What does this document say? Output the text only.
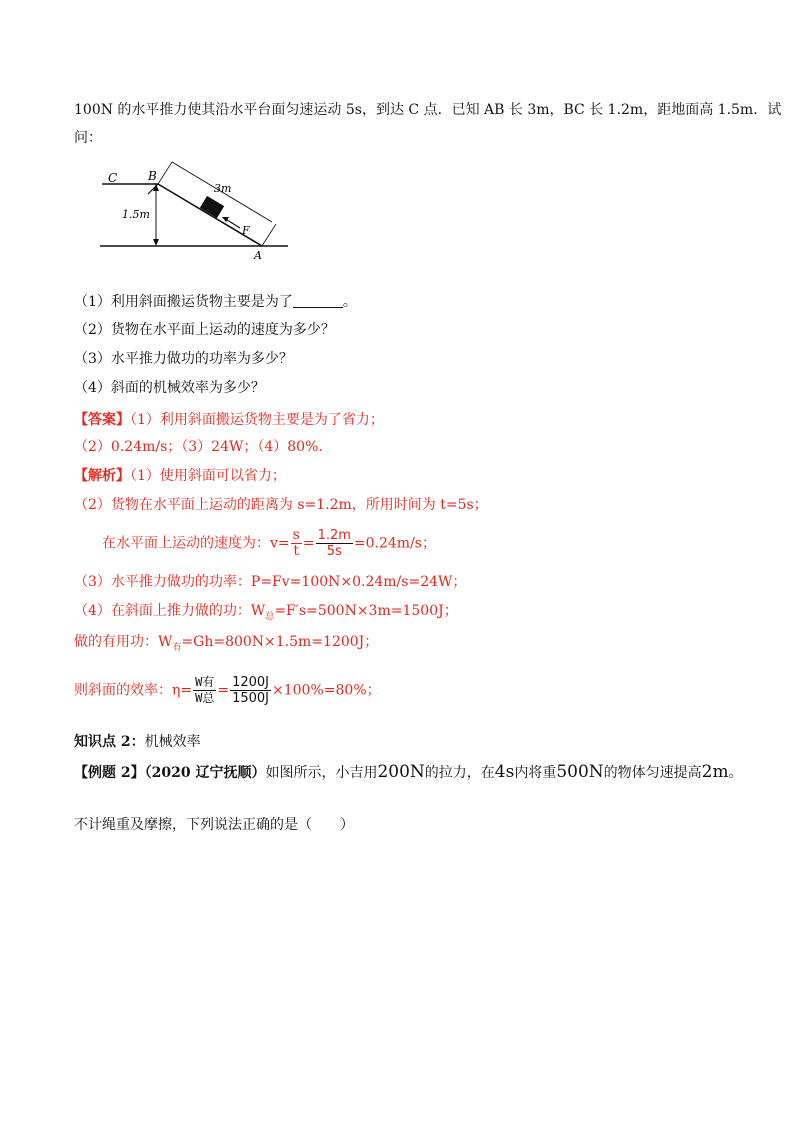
100N 的水平推力使其沿水平台面匀速运动 5s，到达 C 点．已知 AB 长 3m，BC 长 1.2m，距地面高 1.5m．试
问：
C	B
3m
1.5m
F
A
（1）利用斜面搬运货物主要是为了	。
（2）货物在水平面上运动的速度为多少？
（3）水平推力做功的功率为多少？
（4）斜面的机械效率为多少？
【答案】（1）利用斜面搬运货物主要是为了省力；
（2）0.24m/s；（3）24W；（4）80%.
【解析】（1）使用斜面可以省力；
（2）货物在水平面上运动的距离为 s=1.2m，所用时间为 t=5s；
在水平面上运动的速度为：$v= \frac{s}{t} = \frac{1.2m}{5s} =0.24m/s$；
（3）水平推力做功的功率：P=Fv=100N×0.24m/s=24W；
（4）在斜面上推力做的功：$W_总=F's=500N\times 3m=1500J$；
做的有用功：$W_有=Gh=800N\times 1.5m=1200J$；
则斜面的效率：$\eta= \frac{\text{W有}}{\text{W总}} = \frac{1200J}{1500J} \times 100\%=80\%$；
知识点 2：机械效率
【例题 2】（2020 辽宁抚顺）如图所示，小吉用200N的拉力，在4s内将重500N的物体匀速提高2m。
不计绳重及摩擦，下列说法正确的是（　　）
